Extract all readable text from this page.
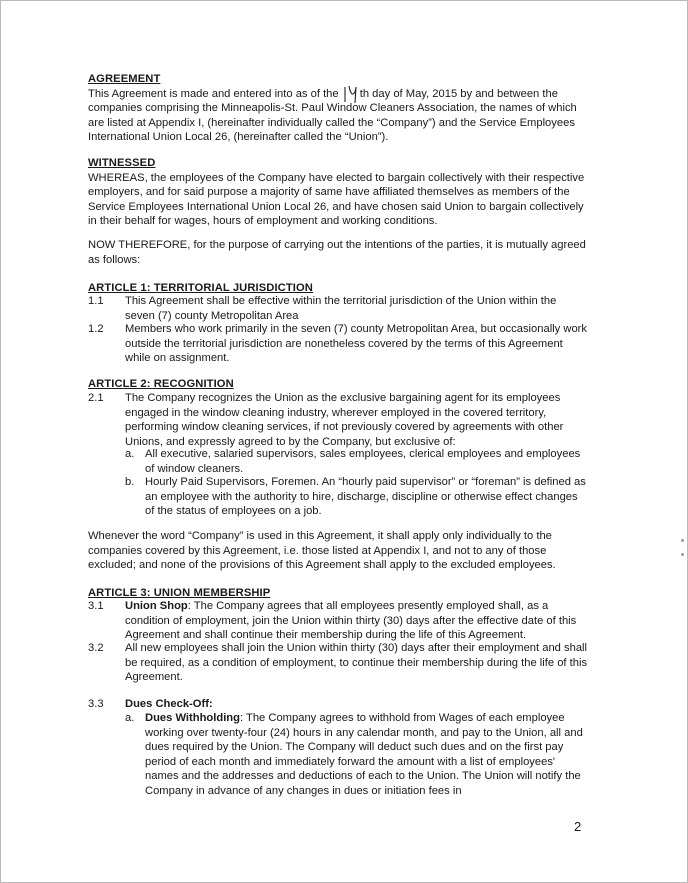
AGREEMENT

This Agreement is made and entered into as of the
th day of May, 2015 by and between the companies comprising the Minneapolis-St. Paul Window Cleaners Association, the names of which are listed at Appendix I, (hereinafter individually called the “Company”) and the Service Employees International Union Local 26, (hereinafter called the “Union”).

WITNESSED

WHEREAS, the employees of the Company have elected to bargain collectively with their respective employers, and for said purpose a majority of same have affiliated themselves as members of the Service Employees International Union Local 26, and have chosen said Union to bargain collectively in their behalf for wages, hours of employment and working conditions.

NOW THEREFORE, for the purpose of carrying out the intentions of the parties, it is mutually agreed as follows:

ARTICLE 1: TERRITORIAL JURISDICTION
1.1	This Agreement shall be effective within the territorial jurisdiction of the Union within the seven (7) county Metropolitan Area

1.2	Members who work primarily in the seven (7) county Metropolitan Area, but occasionally work outside the territorial jurisdiction are nonetheless covered by the terms of this Agreement while on assignment.

ARTICLE 2: RECOGNITION
2.1	The Company recognizes the Union as the exclusive bargaining agent for its employees engaged in the window cleaning industry, wherever employed in the covered territory, performing window cleaning services, if not previously covered by agreements with other Unions, and expressly agreed to by the Company, but exclusive of:

a. All executive, salaried supervisors, sales employees, clerical employees and employees of window cleaners.

b. Hourly Paid Supervisors, Foremen. An “hourly paid supervisor” or “foreman” is defined as an employee with the authority to hire, discharge, discipline or otherwise effect changes of the status of employees on a job.

Whenever the word “Company” is used in this Agreement, it shall apply only individually to the companies covered by this Agreement, i.e. those listed at Appendix I, and not to any of those excluded; and none of the provisions of this Agreement shall apply to the excluded employees.

ARTICLE 3: UNION MEMBERSHIP
3.1	Union Shop: The Company agrees that all employees presently employed shall, as a condition of employment, join the Union within thirty (30) days after the effective date of this Agreement and shall continue their membership during the life of this Agreement.

3.2	All new employees shall join the Union within thirty (30) days after their employment and shall be required, as a condition of employment, to continue their membership during the life of this Agreement.

3.3	Dues Check-Off:

a. Dues Withholding: The Company agrees to withhold from Wages of each employee working over twenty-four (24) hours in any calendar month, and pay to the Union, all and dues required by the Union. The Company will deduct such dues and on the first pay period of each month and immediately forward the amount with a list of employees' names and the addresses and deductions of each to the Union. The Union will notify the Company in advance of any changes in dues or initiation fees in

2
